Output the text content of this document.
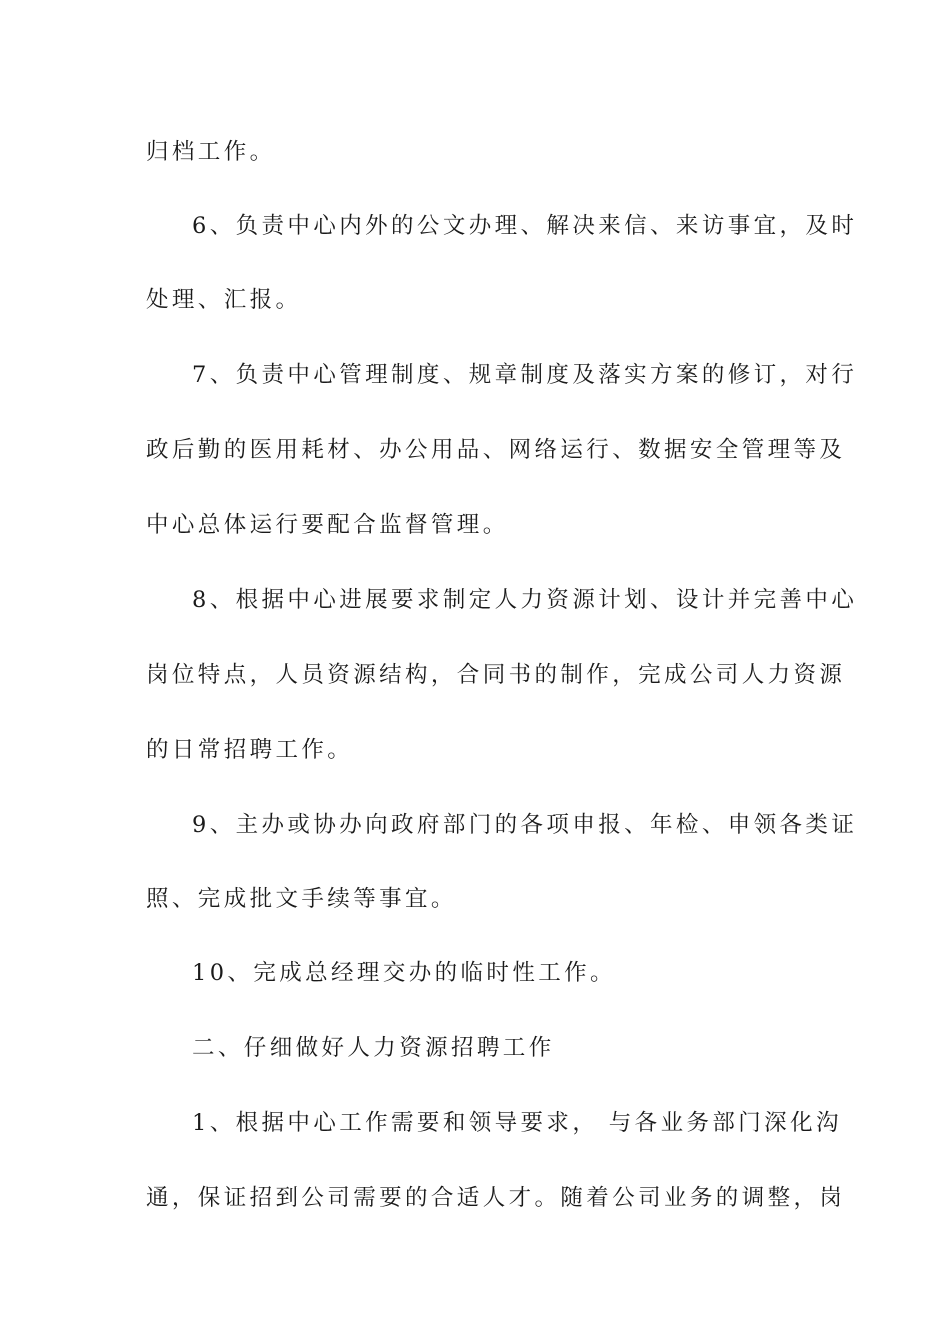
归档工作。
6、负责中心内外的公文办理、解决来信、来访事宜，及时
处理、汇报。
7、负责中心管理制度、规章制度及落实方案的修订，对行
政后勤的医用耗材、办公用品、网络运行、数据安全管理等及
中心总体运行要配合监督管理。
8、根据中心进展要求制定人力资源计划、设计并完善中心
岗位特点，人员资源结构，合同书的制作，完成公司人力资源
的日常招聘工作。
9、主办或协办向政府部门的各项申报、年检、申领各类证
照、完成批文手续等事宜。
10、完成总经理交办的临时性工作。
二、仔细做好人力资源招聘工作
1、根据中心工作需要和领导要求， 与各业务部门深化沟
通，保证招到公司需要的合适人才。随着公司业务的调整，岗
